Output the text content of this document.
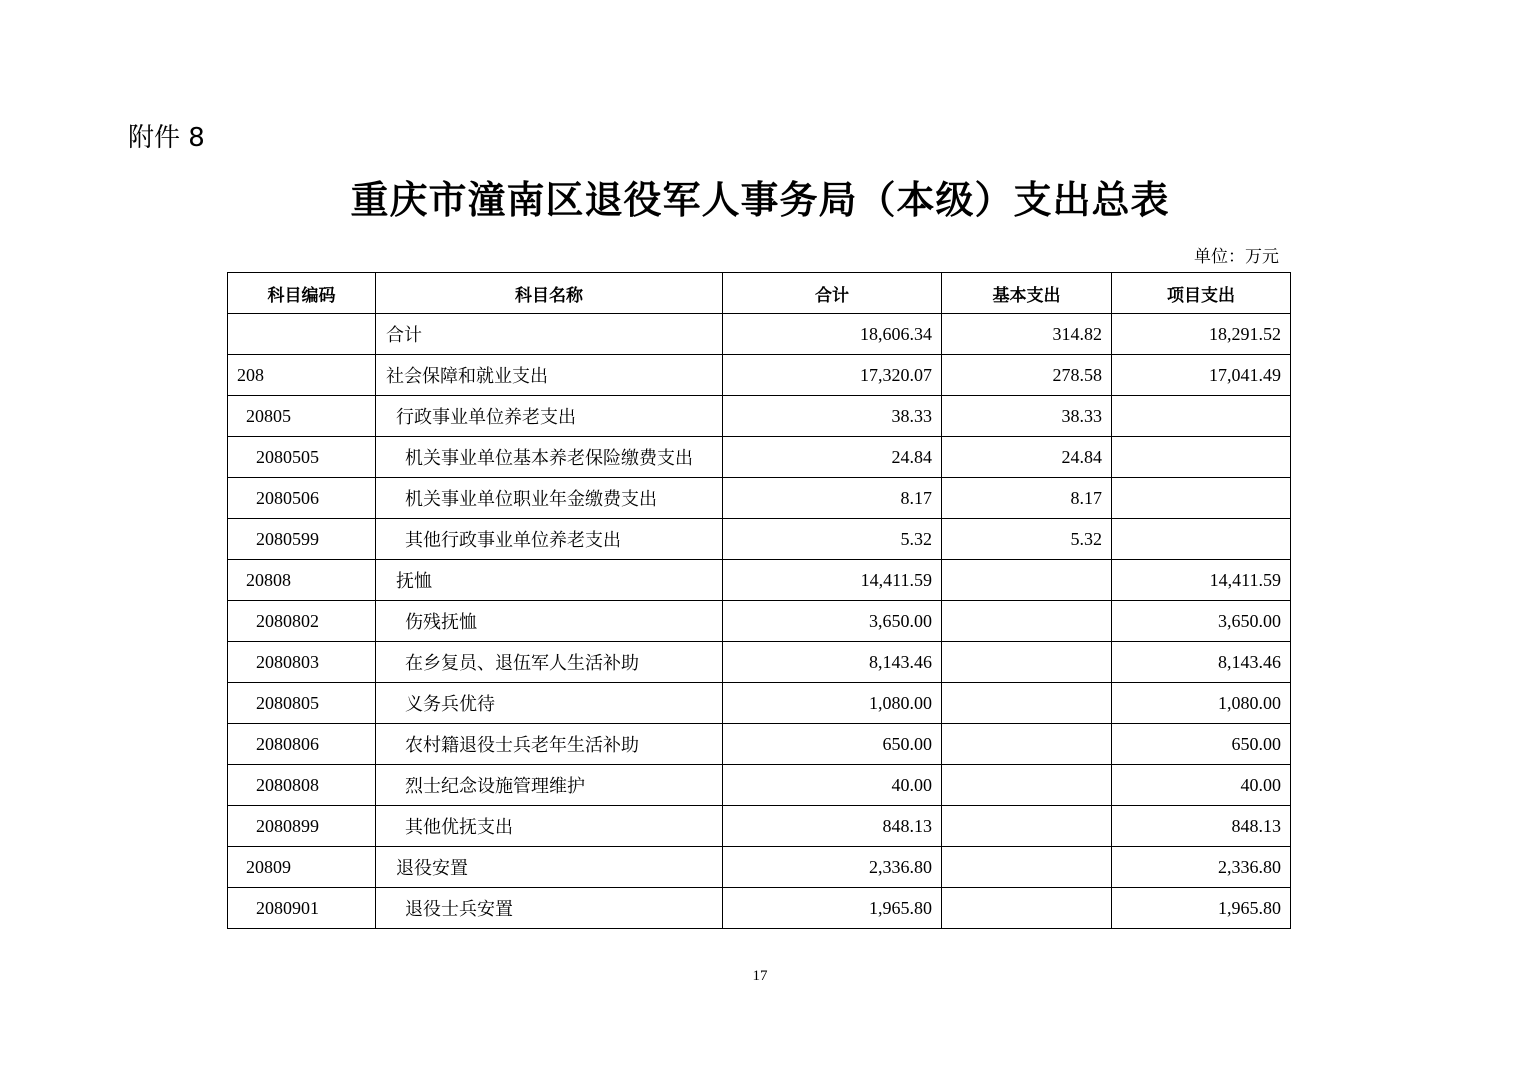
附件 8
重庆市潼南区退役军人事务局（本级）支出总表
单位：万元
科目编码	科目名称	合计	基本支出	项目支出
	合计	18,606.34	314.82	18,291.52
208	社会保障和就业支出	17,320.07	278.58	17,041.49
20805	行政事业单位养老支出	38.33	38.33	
2080505	机关事业单位基本养老保险缴费支出	24.84	24.84	
2080506	机关事业单位职业年金缴费支出	8.17	8.17	
2080599	其他行政事业单位养老支出	5.32	5.32	
20808	抚恤	14,411.59		14,411.59
2080802	伤残抚恤	3,650.00		3,650.00
2080803	在乡复员、退伍军人生活补助	8,143.46		8,143.46
2080805	义务兵优待	1,080.00		1,080.00
2080806	农村籍退役士兵老年生活补助	650.00		650.00
2080808	烈士纪念设施管理维护	40.00		40.00
2080899	其他优抚支出	848.13		848.13
20809	退役安置	2,336.80		2,336.80
2080901	退役士兵安置	1,965.80		1,965.80
17
